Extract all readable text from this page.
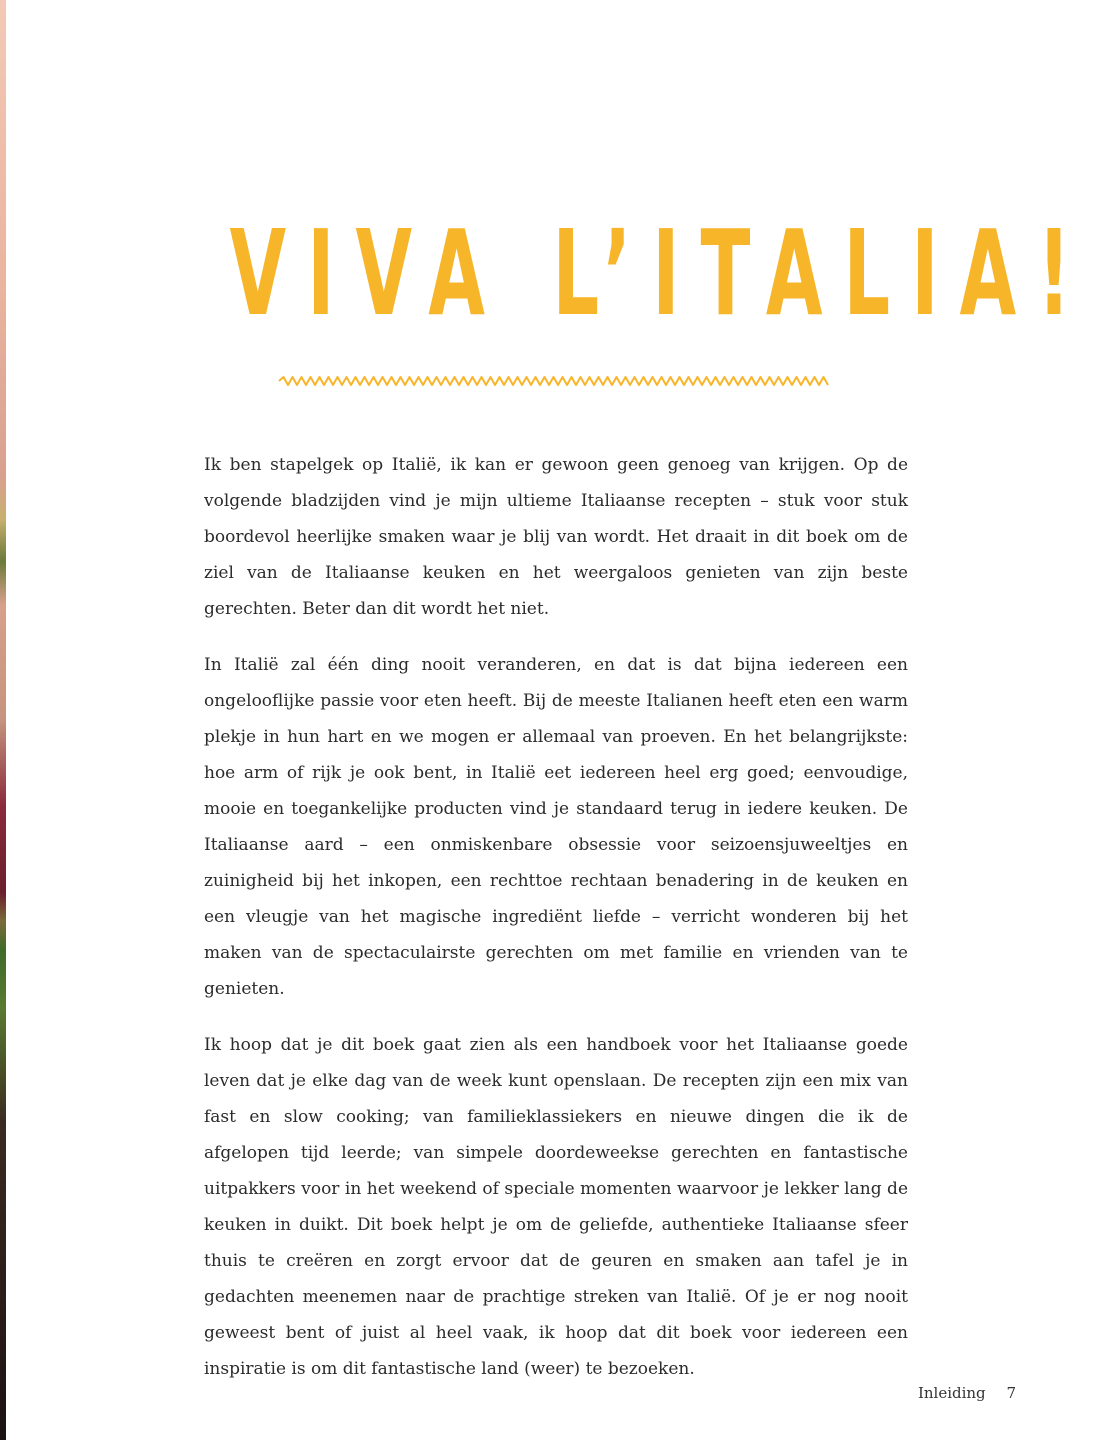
VIVA L’ITALIA!

Ik ben stapelgek op Italië, ik kan er gewoon geen genoeg van krijgen. Op de volgende bladzijden vind je mijn ultieme Italiaanse recepten – stuk voor stuk boordevol heerlijke smaken waar je blij van wordt. Het draait in dit boek om de ziel van de Italiaanse keuken en het weergaloos genieten van zijn beste gerechten. Beter dan dit wordt het niet.

In Italië zal één ding nooit veranderen, en dat is dat bijna iedereen een ongelooflijke passie voor eten heeft. Bij de meeste Italianen heeft eten een warm plekje in hun hart en we mogen er allemaal van proeven. En het belangrijkste: hoe arm of rijk je ook bent, in Italië eet iedereen heel erg goed; eenvoudige, mooie en toegankelijke producten vind je standaard terug in iedere keuken. De Italiaanse aard – een onmiskenbare obsessie voor seizoensjuweeltjes en zuinigheid bij het inkopen, een rechttoe rechtaan benadering in de keuken en een vleugje van het magische ingrediënt liefde – verricht wonderen bij het maken van de spectaculairste gerechten om met familie en vrienden van te genieten.

Ik hoop dat je dit boek gaat zien als een handboek voor het Italiaanse goede leven dat je elke dag van de week kunt openslaan. De recepten zijn een mix van fast en slow cooking; van familieklassiekers en nieuwe dingen die ik de afgelopen tijd leerde; van simpele doordeweekse gerechten en fantastische uitpakkers voor in het weekend of speciale momenten waarvoor je lekker lang de keuken in duikt. Dit boek helpt je om de geliefde, authentieke Italiaanse sfeer thuis te creëren en zorgt ervoor dat de geuren en smaken aan tafel je in gedachten meenemen naar de prachtige streken van Italië. Of je er nog nooit geweest bent of juist al heel vaak, ik hoop dat dit boek voor iedereen een inspiratie is om dit fantastische land (weer) te bezoeken.

Inleiding 7
